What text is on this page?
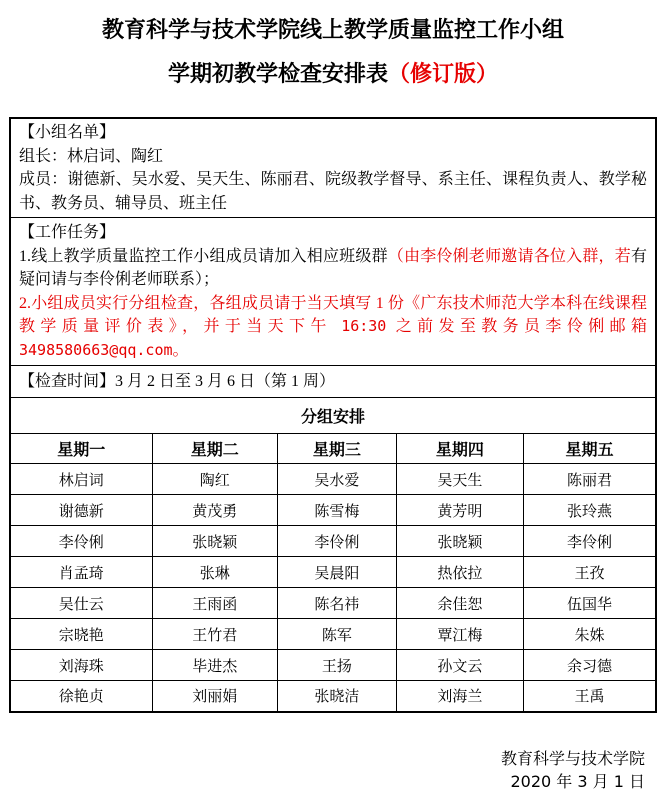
教育科学与技术学院线上教学质量监控工作小组
学期初教学检查安排表（修订版）

【小组名单】

组长：林启词、陶红

成员：谢德新、吴水爱、吴天生、陈丽君、院级教学督导、系主任、课程负责人、教学秘书、教务员、辅导员、班主任				

【工作任务】

1.线上教学质量监控工作小组成员请加入相应班级群（由李伶俐老师邀请各位入群，若有疑问请与李伶俐老师联系）；

2.小组成员实行分组检查，各组成员请于当天填写 1 份《广东技术师范大学本科在线课程教学质量评价表》，并于当天下午 16:30 之前发至教务员李伶俐邮箱 3498580663@qq.com。				

【检查时间】3 月 2 日至 3 月 6 日（第 1 周）				
分组安排				
星期一	星期二	星期三	星期四	星期五
林启词	陶红	吴水爱	吴天生	陈丽君
谢德新	黄茂勇	陈雪梅	黄芳明	张玲燕
李伶俐	张晓颖	李伶俐	张晓颖	李伶俐
肖孟琦	张琳	吴晨阳	热依拉	王孜
吴仕云	王雨函	陈名祎	余佳恕	伍国华
宗晓艳	王竹君	陈军	覃江梅	朱姝
刘海珠	毕进杰	王扬	孙文云	余习德
徐艳贞	刘丽娟	张晓洁	刘海兰	王禹
教育科学与技术学院
2020 年 3 月 1 日
